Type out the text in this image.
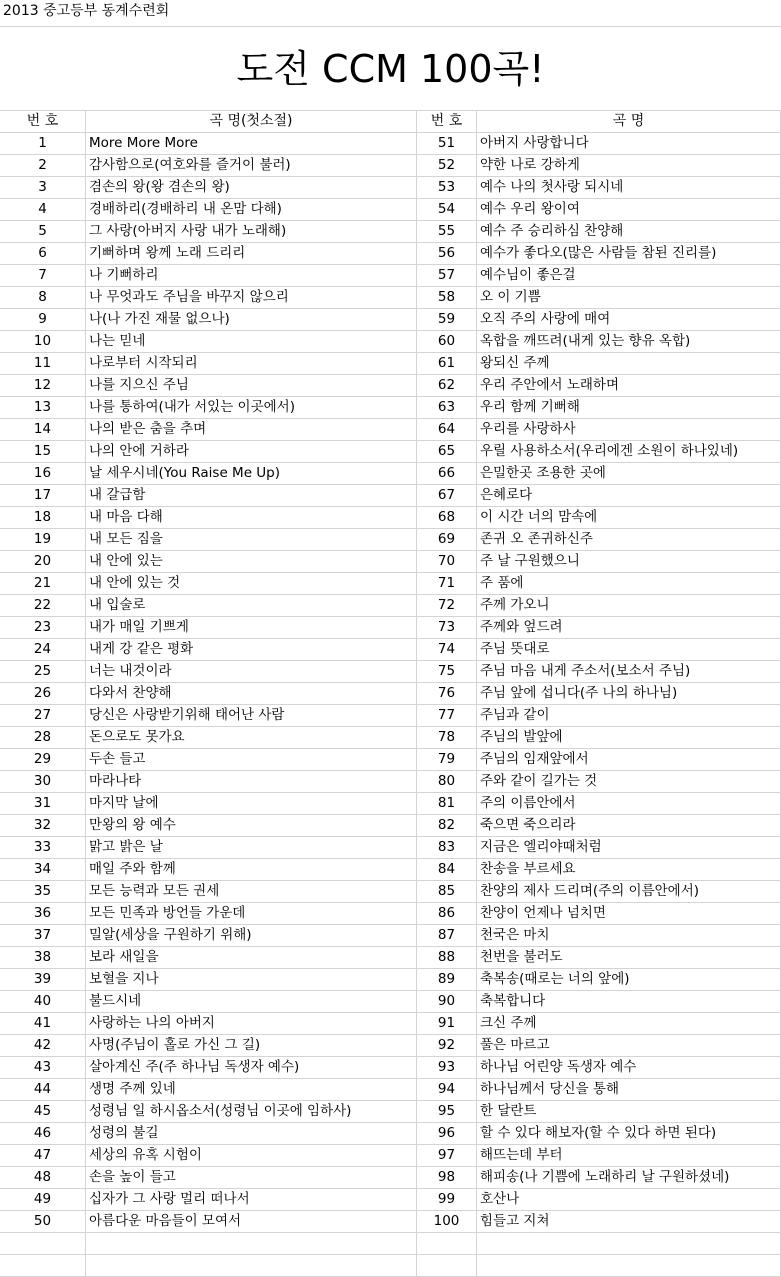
2013 중고등부 동계수련회
도전 CCM 100곡!
번 호	곡 명(첫소절)	번 호	곡 명
1	More More More	51	아버지 사랑합니다
2	감사함으로(여호와를 즐거이 불러)	52	약한 나로 강하게
3	겸손의 왕(왕 겸손의 왕)	53	예수 나의 첫사랑 되시네
4	경배하리(경배하리 내 온맘 다해)	54	예수 우리 왕이여
5	그 사랑(아버지 사랑 내가 노래해)	55	예수 주 승리하심 찬양해
6	기뻐하며 왕께 노래 드리리	56	예수가 좋다오(많은 사람들 참된 진리를)
7	나 기뻐하리	57	예수님이 좋은걸
8	나 무엇과도 주님을 바꾸지 않으리	58	오 이 기쁨
9	나(나 가진 재물 없으나)	59	오직 주의 사랑에 매여
10	나는 믿네	60	옥합을 깨뜨려(내게 있는 향유 옥합)
11	나로부터 시작되리	61	왕되신 주께
12	나를 지으신 주님	62	우리 주안에서 노래하며
13	나를 통하여(내가 서있는 이곳에서)	63	우리 함께 기뻐해
14	나의 받은 춤을 추며	64	우리를 사랑하사
15	나의 안에 거하라	65	우릴 사용하소서(우리에겐 소원이 하나있네)
16	날 세우시네(You Raise Me Up)	66	은밀한곳 조용한 곳에
17	내 갈급함	67	은혜로다
18	내 마음 다해	68	이 시간 너의 맘속에
19	내 모든 짐을	69	존귀 오 존귀하신주
20	내 안에 있는	70	주 날 구원했으니
21	내 안에 있는 것	71	주 품에
22	내 입술로	72	주께 가오니
23	내가 매일 기쁘게	73	주께와 엎드려
24	내게 강 같은 평화	74	주님 뜻대로
25	너는 내것이라	75	주님 마음 내게 주소서(보소서 주님)
26	다와서 찬양해	76	주님 앞에 섭니다(주 나의 하나님)
27	당신은 사랑받기위해 태어난 사람	77	주님과 같이
28	돈으로도 못가요	78	주님의 발앞에
29	두손 들고	79	주님의 임재앞에서
30	마라나타	80	주와 같이 길가는 것
31	마지막 날에	81	주의 이름안에서
32	만왕의 왕 예수	82	죽으면 죽으리라
33	맑고 밝은 날	83	지금은 엘리야때처럼
34	매일 주와 함께	84	찬송을 부르세요
35	모든 능력과 모든 권세	85	찬양의 제사 드리며(주의 이름안에서)
36	모든 민족과 방언들 가운데	86	찬양이 언제나 넘치면
37	밀알(세상을 구원하기 위해)	87	천국은 마치
38	보라 새일을	88	천번을 불러도
39	보혈을 지나	89	축복송(때로는 너의 앞에)
40	불드시네	90	축복합니다
41	사랑하는 나의 아버지	91	크신 주께
42	사명(주님이 홀로 가신 그 길)	92	풀은 마르고
43	살아계신 주(주 하나님 독생자 예수)	93	하나님 어린양 독생자 예수
44	생명 주께 있네	94	하나님께서 당신을 통해
45	성령님 일 하시옵소서(성령님 이곳에 임하사)	95	한 달란트
46	성령의 불길	96	할 수 있다 해보자(할 수 있다 하면 된다)
47	세상의 유혹 시험이	97	해뜨는데 부터
48	손을 높이 들고	98	해피송(나 기쁨에 노래하리 날 구원하셨네)
49	십자가 그 사랑 멀리 떠나서	99	호산나
50	아름다운 마음들이 모여서	100	힘들고 지쳐
